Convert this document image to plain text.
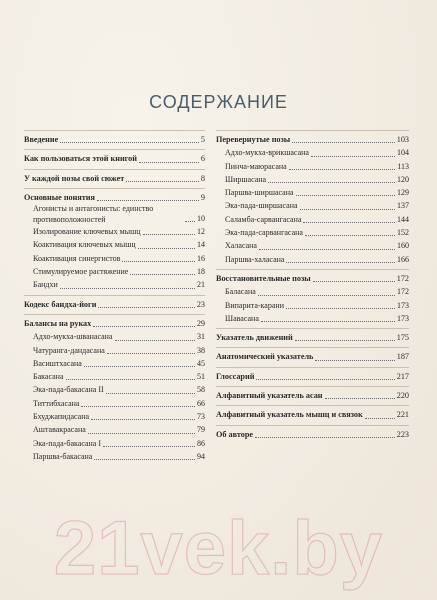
СОДЕРЖАНИЕ
Введение	5
Как пользоваться этой книгой	6
У каждой позы свой сюжет	8
Основные понятия	9
Агонисты и антагонисты: единство противоположностей	10
Изолирование ключевых мышц	12
Коактивация ключевых мышц	14
Коактивация синергистов	16
Стимулируемое растяжение	18
Бандхи	21
Кодекс бандха-йоги	23
Балансы на руках	29
Адхо-мукха-шванасана	31
Чатуранга-дандасана	38
Васиштхасана	45
Бакасана	51
Эка-пада-бакасана II	58
Титтибхасана	66
Бхуджапидасана	73
Аштавакрасана	79
Эка-пада-бакасана I	86
Паршва-бакасана	94
Перевернутые позы	103
Адхо-мукха-врикшасана	104
Пинча-маюрасана	113
Ширшасана	120
Паршва-ширшасана	129
Эка-пада-ширшасана	137
Саламба-сарвангасана	144
Эка-пада-сарвангасана	152
Халасана	160
Паршва-халасана	166
Восстановительные позы	172
Баласана	172
Випарита-карани	173
Шавасана	173
Указатель движений	175
Анатомический указатель	187
Глоссарий	217
Алфавитный указатель асан	220
Алфавитный указатель мышц и связок	221
Об авторе	223
21vek.by
